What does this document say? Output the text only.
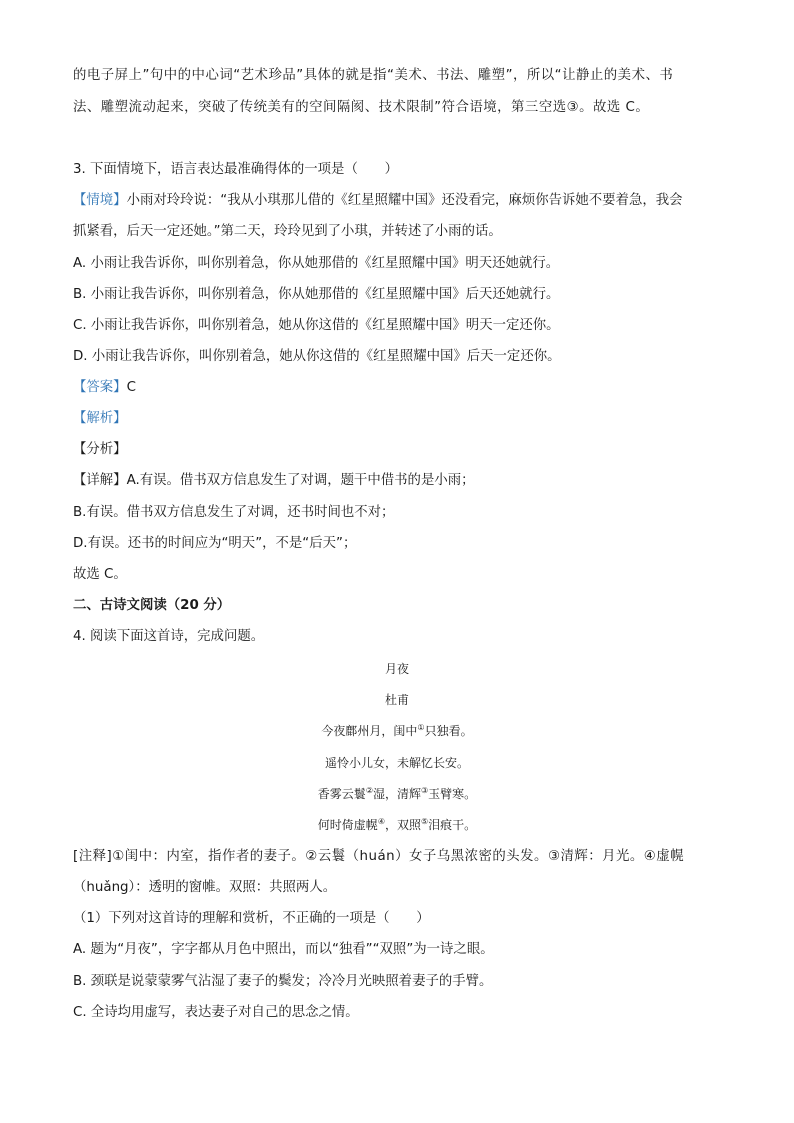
的电子屏上”句中的中心词“艺术珍品”具体的就是指“美术、书法、雕塑”，所以“让静止的美术、书
法、雕塑流动起来，突破了传统美有的空间隔阂、技术限制”符合语境，第三空选③。故选 C。
3. 下面情境下，语言表达最准确得体的一项是（　　）
【情境】小雨对玲玲说：“我从小琪那儿借的《红星照耀中国》还没看完，麻烦你告诉她不要着急，我会
抓紧看，后天一定还她。”第二天，玲玲见到了小琪，并转述了小雨的话。
A. 小雨让我告诉你，叫你别着急，你从她那借的《红星照耀中国》明天还她就行。
B. 小雨让我告诉你，叫你别着急，你从她那借的《红星照耀中国》后天还她就行。
C. 小雨让我告诉你，叫你别着急，她从你这借的《红星照耀中国》明天一定还你。
D. 小雨让我告诉你，叫你别着急，她从你这借的《红星照耀中国》后天一定还你。
【答案】C
【解析】
【分析】
【详解】A.有误。借书双方信息发生了对调，题干中借书的是小雨；
B.有误。借书双方信息发生了对调，还书时间也不对；
D.有误。还书的时间应为“明天”，不是“后天”；
故选 C。
二、古诗文阅读（20 分）
4. 阅读下面这首诗，完成问题。
月夜
杜甫
今夜鄜州月，闺中①只独看。
遥怜小儿女，未解忆长安。
香雾云鬟②湿，清辉③玉臂寒。
何时倚虚幌④，双照⑤泪痕干。
[注释]①闺中：内室，指作者的妻子。②云鬟（huán）女子乌黑浓密的头发。③清辉：月光。④虚幌
（huǎng）：透明的窗帷。双照：共照两人。
（1）下列对这首诗的理解和赏析，不正确的一项是（　　）
A. 题为“月夜”，字字都从月色中照出，而以“独看”“双照”为一诗之眼。
B. 颈联是说蒙蒙雾气沾湿了妻子的鬓发；冷冷月光映照着妻子的手臂。
C. 全诗均用虚写，表达妻子对自己的思念之情。
